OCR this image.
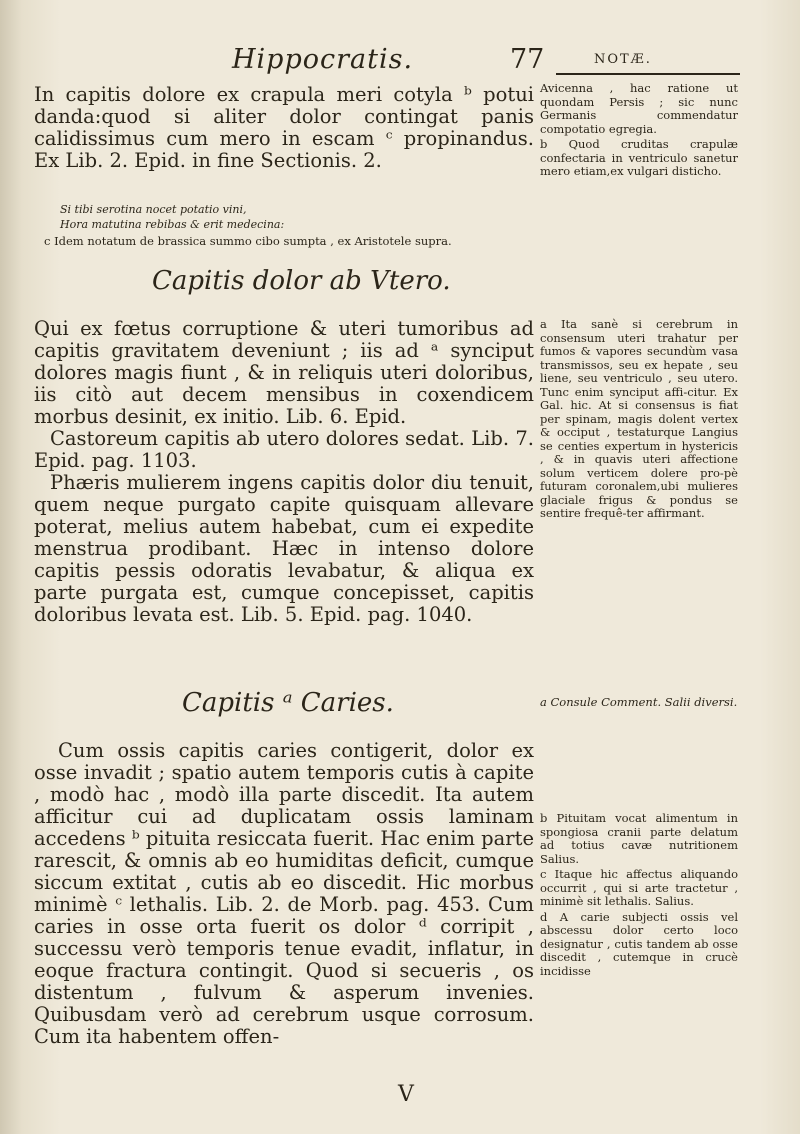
Hippocratis.	77	NOTÆ.

In capitis dolore ex crapula meri cotyla ᵇ potui danda:quod si aliter dolor contingat panis calidissimus cum mero in escam ᶜ propinandus. Ex Lib. 2. Epid. in fine Sectionis. 2.

Si tibi serotina nocet potatio vini,
Hora matutina rebibas & erit medecina:
c Idem notatum de brassica summo cibo sumpta , ex Aristotele supra.

Avicenna , hac ratione ut quondam Persis ; sic nunc Germanis commendatur compotatio egregia.

b Quod cruditas crapulæ confectaria in ventriculo sanetur mero etiam,ex vulgari disticho.

Capitis dolor ab Vtero.

Qui ex fœtus corruptione & uteri tumoribus ad capitis gravitatem deveniunt ; iis ad ᵃ synciput dolores magis fiunt , & in reliquis uteri doloribus, iis citò aut decem mensibus in coxendicem morbus desinit, ex initio. Lib. 6. Epid.

Castoreum capitis ab utero dolores sedat. Lib. 7. Epid. pag. 1103.

Phæris mulierem ingens capitis dolor diu tenuit, quem neque purgato capite quisquam allevare poterat, melius autem habebat, cum ei expedite menstrua prodibant. Hæc in intenso dolore capitis pessis odoratis levabatur, & aliqua ex parte purgata est, cumque concepisset, capitis doloribus levata est. Lib. 5. Epid. pag. 1040.

a Ita sanè si cerebrum in consensum uteri trahatur per fumos & vapores secundùm vasa transmissos, seu ex hepate , seu liene, seu ventriculo , seu utero. Tunc enim synciput affi-citur. Ex Gal. hic. At si consensus is fiat per spinam, magis dolent vertex & occiput , testaturque Langius se centies expertum in hystericis , & in quavis uteri affectione solum verticem dolere pro-pè futuram coronalem,ubi mulieres glaciale frigus & pondus se sentire frequê-ter affirmant.
Capitis ᵃ Caries.	a Consule Comment. Salii diversi.

Cum ossis capitis caries contigerit, dolor ex osse invadit ; spatio autem temporis cutis à capite , modò hac , modò illa parte discedit. Ita autem afficitur cui ad duplicatam ossis laminam accedens ᵇ pituita resiccata fuerit. Hac enim parte rarescit, & omnis ab eo humiditas deficit, cumque siccum extitat , cutis ab eo discedit. Hic morbus minimè ᶜ lethalis. Lib. 2. de Morb. pag. 453. Cum caries in osse orta fuerit os dolor ᵈ corripit , successu verò temporis tenue evadit, inflatur, in eoque fractura contingit. Quod si secueris , os distentum , fulvum & asperum invenies. Quibusdam verò ad cerebrum usque corrosum. Cum ita habentem offen-

b Pituitam vocat alimentum in spongiosa cranii parte delatum ad totius cavæ nutritionem Salius.

c Itaque hic affectus aliquando occurrit , qui si arte tractetur , minimè sit lethalis. Salius.

d A carie subjecti ossis vel abscessu dolor certo loco designatur , cutis tandem ab osse discedit , cutemque in crucè incidisse

V
